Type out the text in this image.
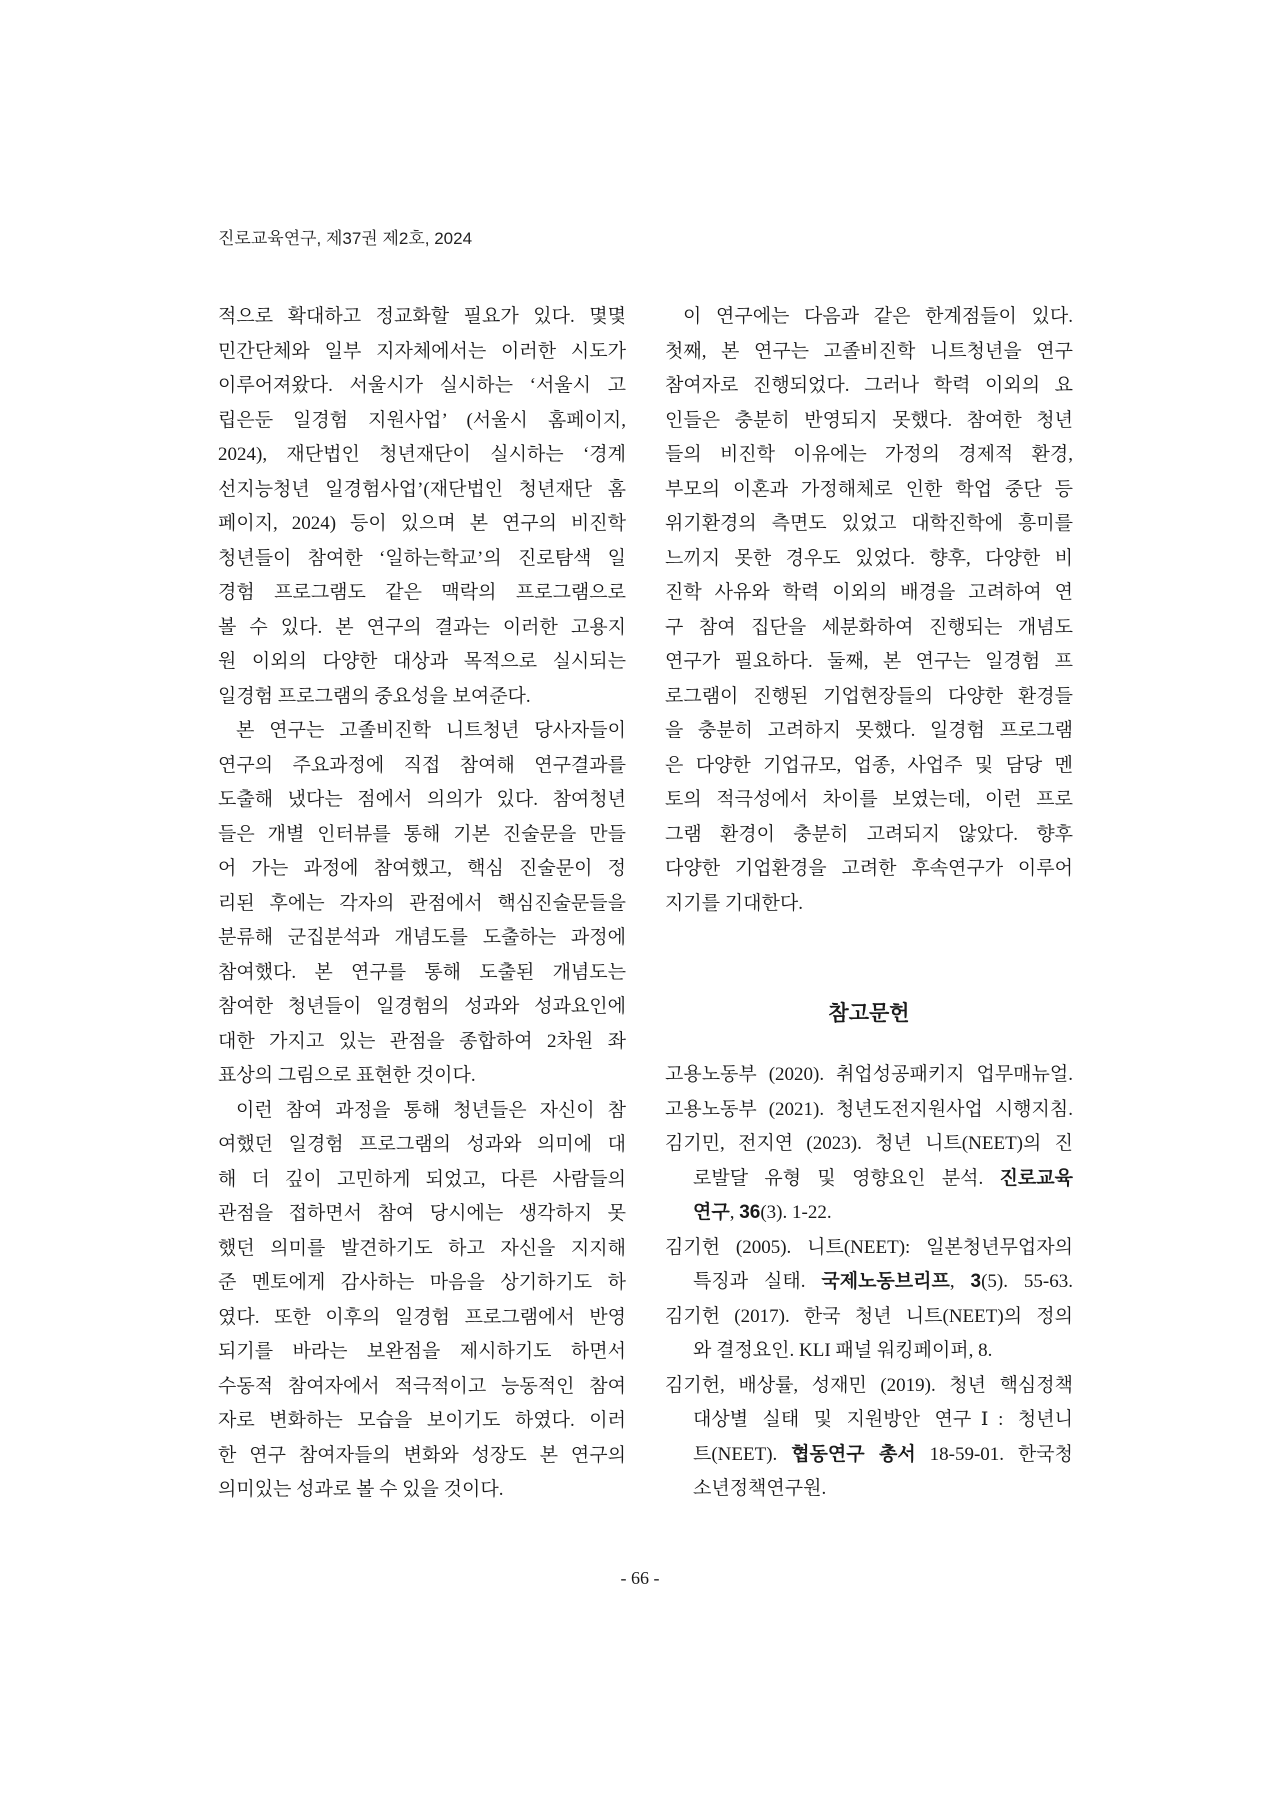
진로교육연구, 제37권 제2호, 2024
적으로 확대하고 정교화할 필요가 있다. 몇몇
민간단체와 일부 지자체에서는 이러한 시도가
이루어져왔다. 서울시가 실시하는 ‘서울시 고
립은둔 일경험 지원사업’ (서울시 홈페이지,
2024), 재단법인 청년재단이 실시하는 ‘경계
선지능청년 일경험사업’(재단법인 청년재단 홈
페이지, 2024) 등이 있으며 본 연구의 비진학
청년들이 참여한 ‘일하는학교’의 진로탐색 일
경험 프로그램도 같은 맥락의 프로그램으로
볼 수 있다. 본 연구의 결과는 이러한 고용지
원 이외의 다양한 대상과 목적으로 실시되는
일경험 프로그램의 중요성을 보여준다.
본 연구는 고졸비진학 니트청년 당사자들이
연구의 주요과정에 직접 참여해 연구결과를
도출해 냈다는 점에서 의의가 있다. 참여청년
들은 개별 인터뷰를 통해 기본 진술문을 만들
어 가는 과정에 참여했고, 핵심 진술문이 정
리된 후에는 각자의 관점에서 핵심진술문들을
분류해 군집분석과 개념도를 도출하는 과정에
참여했다. 본 연구를 통해 도출된 개념도는
참여한 청년들이 일경험의 성과와 성과요인에
대한 가지고 있는 관점을 종합하여 2차원 좌
표상의 그림으로 표현한 것이다.
이런 참여 과정을 통해 청년들은 자신이 참
여했던 일경험 프로그램의 성과와 의미에 대
해 더 깊이 고민하게 되었고, 다른 사람들의
관점을 접하면서 참여 당시에는 생각하지 못
했던 의미를 발견하기도 하고 자신을 지지해
준 멘토에게 감사하는 마음을 상기하기도 하
였다. 또한 이후의 일경험 프로그램에서 반영
되기를 바라는 보완점을 제시하기도 하면서
수동적 참여자에서 적극적이고 능동적인 참여
자로 변화하는 모습을 보이기도 하였다. 이러
한 연구 참여자들의 변화와 성장도 본 연구의
의미있는 성과로 볼 수 있을 것이다.
이 연구에는 다음과 같은 한계점들이 있다.
첫째, 본 연구는 고졸비진학 니트청년을 연구
참여자로 진행되었다. 그러나 학력 이외의 요
인들은 충분히 반영되지 못했다. 참여한 청년
들의 비진학 이유에는 가정의 경제적 환경,
부모의 이혼과 가정해체로 인한 학업 중단 등
위기환경의 측면도 있었고 대학진학에 흥미를
느끼지 못한 경우도 있었다. 향후, 다양한 비
진학 사유와 학력 이외의 배경을 고려하여 연
구 참여 집단을 세분화하여 진행되는 개념도
연구가 필요하다. 둘째, 본 연구는 일경험 프
로그램이 진행된 기업현장들의 다양한 환경들
을 충분히 고려하지 못했다. 일경험 프로그램
은 다양한 기업규모, 업종, 사업주 및 담당 멘
토의 적극성에서 차이를 보였는데, 이런 프로
그램 환경이 충분히 고려되지 않았다. 향후
다양한 기업환경을 고려한 후속연구가 이루어
지기를 기대한다.
참고문헌
고용노동부 (2020). 취업성공패키지 업무매뉴얼.
고용노동부 (2021). 청년도전지원사업 시행지침.
김기민, 전지연 (2023). 청년 니트(NEET)의 진
로발달 유형 및 영향요인 분석. 진로교육
연구, 36(3). 1-22.
김기헌 (2005). 니트(NEET): 일본청년무업자의
특징과 실태. 국제노동브리프, 3(5). 55-63.
김기헌 (2017). 한국 청년 니트(NEET)의 정의
와 결정요인. KLI 패널 워킹페이퍼, 8.
김기헌, 배상률, 성재민 (2019). 청년 핵심정책
대상별 실태 및 지원방안 연구Ⅰ: 청년니
트(NEET). 협동연구 총서 18-59-01. 한국청
소년정책연구원.
- 66 -
